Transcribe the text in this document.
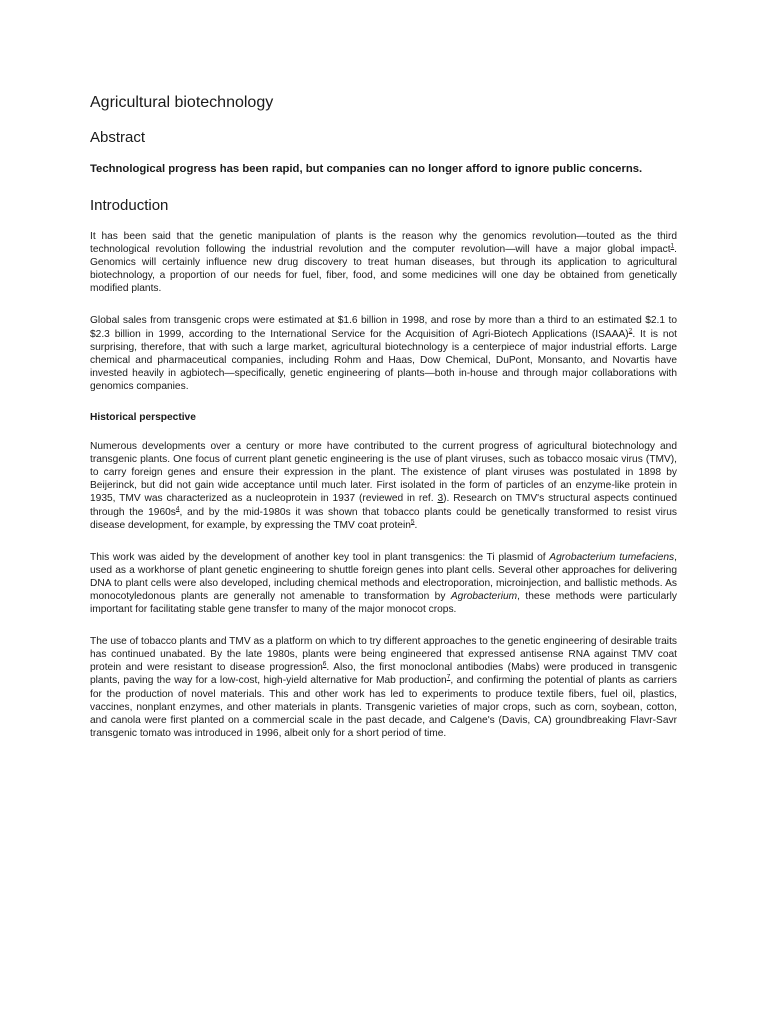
Agricultural biotechnology
Abstract
Technological progress has been rapid, but companies can no longer afford to ignore public concerns.
Introduction

It has been said that the genetic manipulation of plants is the reason why the genomics revolution—touted as the third technological revolution following the industrial revolution and the computer revolution—will have a major global impact$^1$. Genomics will certainly influence new drug discovery to treat human diseases, but through its application to agricultural biotechnology, a proportion of our needs for fuel, fiber, food, and some medicines will one day be obtained from genetically modified plants.

Global sales from transgenic crops were estimated at $1.6 billion in 1998, and rose by more than a third to an estimated $2.1 to $2.3 billion in 1999, according to the International Service for the Acquisition of Agri-Biotech Applications (ISAAA)$^2$. It is not surprising, therefore, that with such a large market, agricultural biotechnology is a centerpiece of major industrial efforts. Large chemical and pharmaceutical companies, including Rohm and Haas, Dow Chemical, DuPont, Monsanto, and Novartis have invested heavily in agbiotech—specifically, genetic engineering of plants—both in-house and through major collaborations with genomics companies.

Historical perspective

Numerous developments over a century or more have contributed to the current progress of agricultural biotechnology and transgenic plants. One focus of current plant genetic engineering is the use of plant viruses, such as tobacco mosaic virus (TMV), to carry foreign genes and ensure their expression in the plant. The existence of plant viruses was postulated in 1898 by Beijerinck, but did not gain wide acceptance until much later. First isolated in the form of particles of an enzyme-like protein in 1935, TMV was characterized as a nucleoprotein in 1937 (reviewed in ref. 3). Research on TMV's structural aspects continued through the $1960s^4$, and by the mid-1980s it was shown that tobacco plants could be genetically transformed to resist virus disease development, for example, by expressing the TMV coat protein$^5$.

This work was aided by the development of another key tool in plant transgenics: the Ti plasmid of Agrobacterium tumefaciens, used as a workhorse of plant genetic engineering to shuttle foreign genes into plant cells. Several other approaches for delivering DNA to plant cells were also developed, including chemical methods and electroporation, microinjection, and ballistic methods. As monocotyledonous plants are generally not amenable to transformation by Agrobacterium, these methods were particularly important for facilitating stable gene transfer to many of the major monocot crops.

The use of tobacco plants and TMV as a platform on which to try different approaches to the genetic engineering of desirable traits has continued unabated. By the late 1980s, plants were being engineered that expressed antisense RNA against TMV coat protein and were resistant to disease progression$^6$. Also, the first monoclonal antibodies (Mabs) were produced in transgenic plants, paving the way for a low-cost, high-yield alternative for Mab production$^7$, and confirming the potential of plants as carriers for the production of novel materials. This and other work has led to experiments to produce textile fibers, fuel oil, plastics, vaccines, nonplant enzymes, and other materials in plants. Transgenic varieties of major crops, such as corn, soybean, cotton, and canola were first planted on a commercial scale in the past decade, and Calgene's (Davis, CA) groundbreaking Flavr-Savr transgenic tomato was introduced in 1996, albeit only for a short period of time.
